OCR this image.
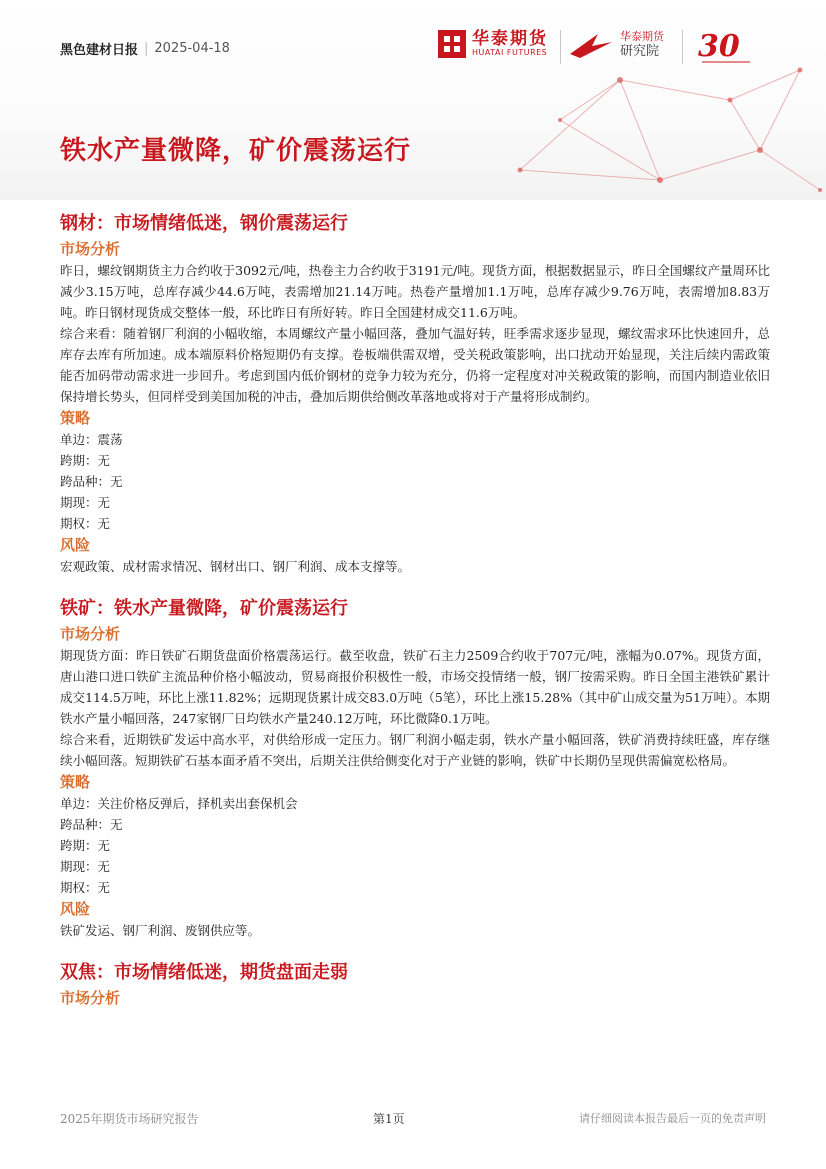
黑色建材日报 | 2025-04-18	华泰期货
HUATAI FUTURES
华泰期货
研究院 30
铁水产量微降，矿价震荡运行
钢材：市场情绪低迷，钢价震荡运行
市场分析

昨日，螺纹钢期货主力合约收于3092元/吨，热卷主力合约收于3191元/吨。现货方面，根据数据显示，昨日全国螺纹产量周环比减少3.15万吨，总库存减少44.6万吨，表需增加21.14万吨。热卷产量增加1.1万吨，总库存减少9.76万吨，表需增加8.83万吨。昨日钢材现货成交整体一般，环比昨日有所好转。昨日全国建材成交11.6万吨。

综合来看：随着钢厂利润的小幅收缩，本周螺纹产量小幅回落，叠加气温好转，旺季需求逐步显现，螺纹需求环比快速回升，总库存去库有所加速。成本端原料价格短期仍有支撑。卷板端供需双增，受关税政策影响，出口扰动开始显现，关注后续内需政策能否加码带动需求进一步回升。考虑到国内低价钢材的竞争力较为充分，仍将一定程度对冲关税政策的影响，而国内制造业依旧保持增长势头，但同样受到美国加税的冲击，叠加后期供给侧改革落地或将对于产量将形成制约。

策略

单边：震荡

跨期：无

跨品种：无

期现：无

期权：无

风险

宏观政策、成材需求情况、钢材出口、钢厂利润、成本支撑等。

铁矿：铁水产量微降，矿价震荡运行
市场分析

期现货方面：昨日铁矿石期货盘面价格震荡运行。截至收盘，铁矿石主力2509合约收于707元/吨，涨幅为0.07%。现货方面，唐山港口进口铁矿主流品种价格小幅波动，贸易商报价积极性一般，市场交投情绪一般，钢厂按需采购。昨日全国主港铁矿累计成交114.5万吨，环比上涨11.82%；远期现货累计成交83.0万吨（5笔），环比上涨15.28%（其中矿山成交量为51万吨）。本期铁水产量小幅回落，247家钢厂日均铁水产量240.12万吨，环比微降0.1万吨。

综合来看，近期铁矿发运中高水平，对供给形成一定压力。钢厂利润小幅走弱，铁水产量小幅回落，铁矿消费持续旺盛，库存继续小幅回落。短期铁矿石基本面矛盾不突出，后期关注供给侧变化对于产业链的影响，铁矿中长期仍呈现供需偏宽松格局。

策略

单边：关注价格反弹后，择机卖出套保机会

跨品种：无

跨期：无

期现：无

期权：无

风险

铁矿发运、钢厂利润、废钢供应等。

双焦：市场情绪低迷，期货盘面走弱
市场分析
2025年期货市场研究报告	第1页	请仔细阅读本报告最后一页的免责声明
